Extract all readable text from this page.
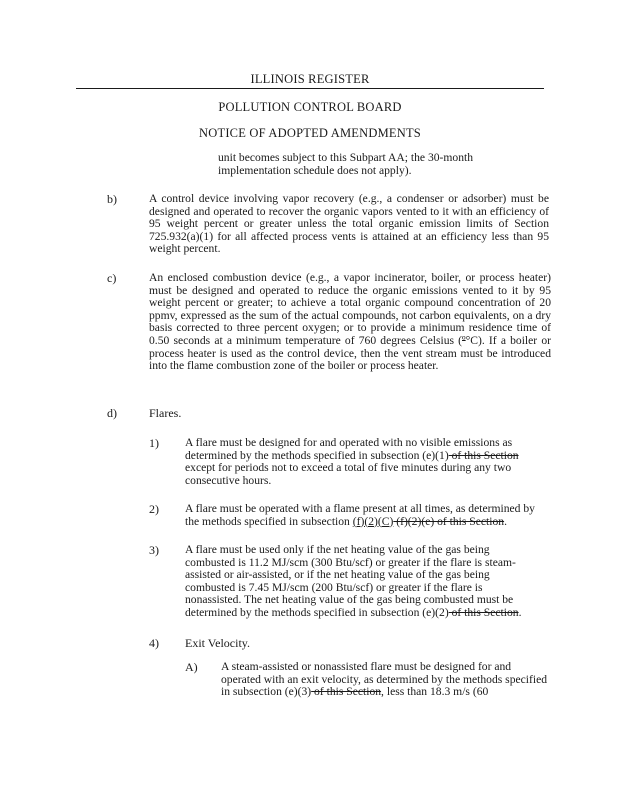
ILLINOIS REGISTER
POLLUTION CONTROL BOARD
NOTICE OF ADOPTED AMENDMENTS

unit becomes subject to this Subpart AA; the 30-month implementation schedule does not apply).

b)	A control device involving vapor recovery (e.g., a condenser or adsorber) must be designed and operated to recover the organic vapors vented to it with an efficiency of 95 weight percent or greater unless the total organic emission limits of Section 725.932(a)(1) for all affected process vents is attained at an efficiency less than 95 weight percent.

c)	An enclosed combustion device (e.g., a vapor incinerator, boiler, or process heater) must be designed and operated to reduce the organic emissions vented to it by 95 weight percent or greater; to achieve a total organic compound concentration of 20 ppmv, expressed as the sum of the actual compounds, not carbon equivalents, on a dry basis corrected to three percent oxygen; or to provide a minimum residence time of 0.50 seconds at a minimum temperature of 760 degrees Celsius (º°C). If a boiler or process heater is used as the control device, then the vent stream must be introduced into the flame combustion zone of the boiler or process heater.

d)	Flares.
1) A flare must be designed for and operated with no visible emissions as determined by the methods specified in subsection (e)(1) of this Section except for periods not to exceed a total of five minutes during any two consecutive hours.

2) A flare must be operated with a flame present at all times, as determined by the methods specified in subsection (f)(2)(C) (f)(2)(e) of this Section.

3) A flare must be used only if the net heating value of the gas being combusted is 11.2 MJ/scm (300 Btu/scf) or greater if the flare is steam-assisted or air-assisted, or if the net heating value of the gas being combusted is 7.45 MJ/scm (200 Btu/scf) or greater if the flare is nonassisted. The net heating value of the gas being combusted must be determined by the methods specified in subsection (e)(2) of this Section.

4) Exit Velocity.
A) A steam-assisted or nonassisted flare must be designed for and operated with an exit velocity, as determined by the methods specified in subsection (e)(3) of this Section, less than 18.3 m/s (60
